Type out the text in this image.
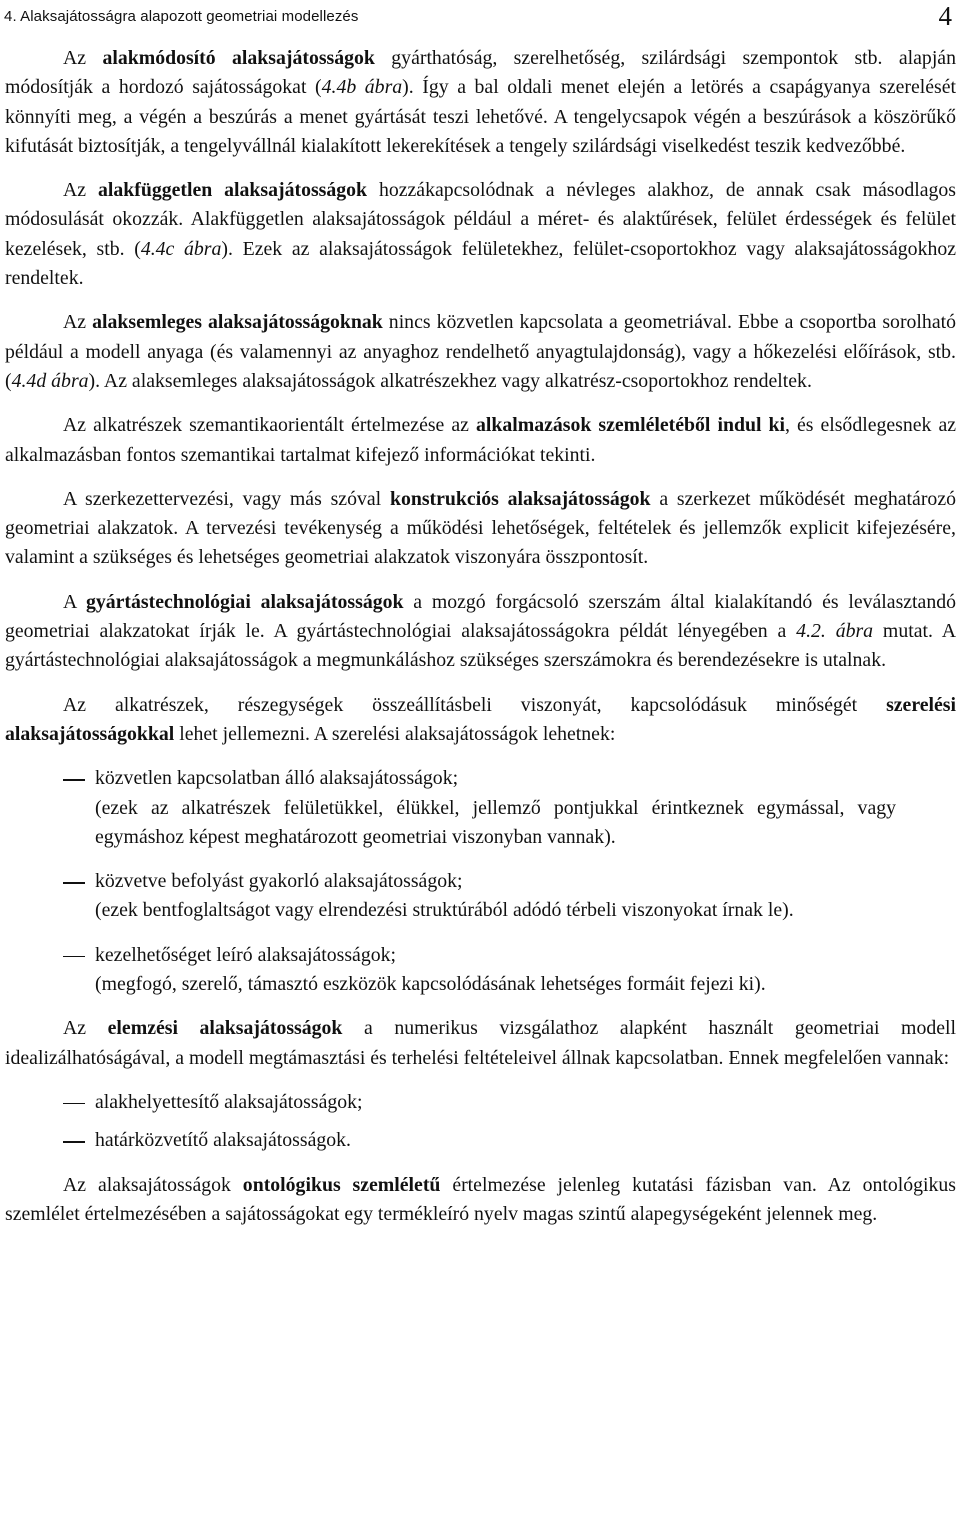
4. Alaksajátosságra alapozott geometriai modellezés	4

Az alakmódosító alaksajátosságok gyárthatóság, szerelhetőség, szilárdsági szempontok stb. alapján módosítják a hordozó sajátosságokat (4.4b ábra). Így a bal oldali menet elején a letörés a csapágyanya szerelését könnyíti meg, a végén a beszúrás a menet gyártását teszi lehetővé. A tengelycsapok végén a beszúrások a köszörűkő kifutását biztosítják, a tengelyvállnál kialakított lekerekítések a tengely szilárdsági viselkedést teszik kedvezőbbé.

Az alakfüggetlen alaksajátosságok hozzákapcsolódnak a névleges alakhoz, de annak csak másodlagos módosulását okozzák. Alakfüggetlen alaksajátosságok például a méret- és alaktűrések, felület érdességek és felület kezelések, stb. (4.4c ábra). Ezek az alaksajátosságok felületekhez, felület-csoportokhoz vagy alaksajátosságokhoz rendeltek.

Az alaksemleges alaksajátosságoknak nincs közvetlen kapcsolata a geometriával. Ebbe a csoportba sorolható például a modell anyaga (és valamennyi az anyaghoz rendelhető anyagtulajdonság), vagy a hőkezelési előírások, stb. (4.4d ábra). Az alaksemleges alaksajátosságok alkatrészekhez vagy alkatrész-csoportokhoz rendeltek.

Az alkatrészek szemantikaorientált értelmezése az alkalmazások szemléletéből indul ki, és elsődlegesnek az alkalmazásban fontos szemantikai tartalmat kifejező információkat tekinti.

A szerkezettervezési, vagy más szóval konstrukciós alaksajátosságok a szerkezet működését meghatározó geometriai alakzatok. A tervezési tevékenység a működési lehetőségek, feltételek és jellemzők explicit kifejezésére, valamint a szükséges és lehetséges geometriai alakzatok viszonyára összpontosít.

A gyártástechnológiai alaksajátosságok a mozgó forgácsoló szerszám által kialakítandó és leválasztandó geometriai alakzatokat írják le. A gyártástechnológiai alaksajátosságokra példát lényegében a 4.2. ábra mutat. A gyártástechnológiai alaksajátosságok a megmunkáláshoz szükséges szerszámokra és berendezésekre is utalnak.

Az alkatrészek, részegységek összeállításbeli viszonyát, kapcsolódásuk minőségét szerelési alaksajátosságokkal lehet jellemezni. A szerelési alaksajátosságok lehetnek:

közvetlen kapcsolatban álló alaksajátosságok;
(ezek az alkatrészek felületükkel, élükkel, jellemző pontjukkal érintkeznek egymással, vagy egymáshoz képest meghatározott geometriai viszonyban vannak).
közvetve befolyást gyakorló alaksajátosságok;
(ezek bentfoglaltságot vagy elrendezési struktúrából adódó térbeli viszonyokat írnak le).
kezelhetőséget leíró alaksajátosságok;
(megfogó, szerelő, támasztó eszközök kapcsolódásának lehetséges formáit fejezi ki).

Az elemzési alaksajátosságok a numerikus vizsgálathoz alapként használt geometriai modell idealizálhatóságával, a modell megtámasztási és terhelési feltételeivel állnak kapcsolatban. Ennek megfelelően vannak:

alakhelyettesítő alaksajátosságok;
határközvetítő alaksajátosságok.

Az alaksajátosságok ontológikus szemléletű értelmezése jelenleg kutatási fázisban van. Az ontológikus szemlélet értelmezésében a sajátosságokat egy termékleíró nyelv magas szintű alapegységeként jelennek meg.
